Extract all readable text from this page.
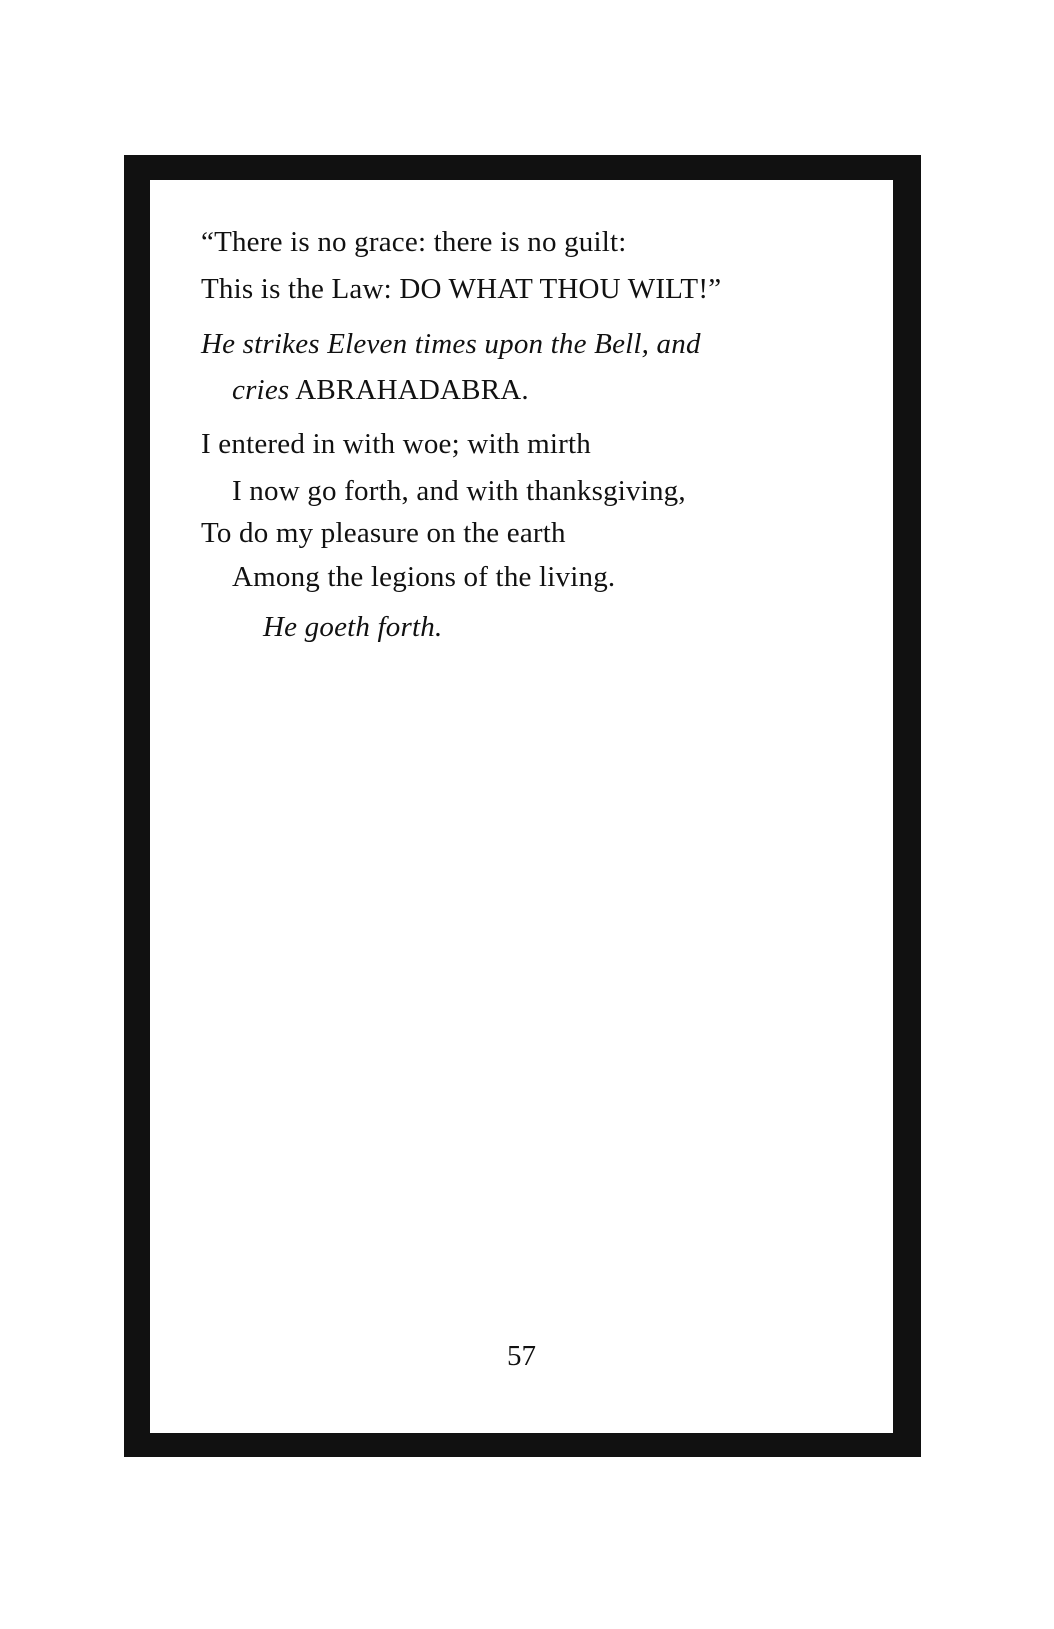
“There is no grace: there is no guilt:
This is the Law: DO WHAT THOU WILT!”
He strikes Eleven times upon the Bell, and
cries ABRAHADABRA.
I entered in with woe; with mirth
I now go forth, and with thanksgiving,
To do my pleasure on the earth
Among the legions of the living.
He goeth forth.
57
